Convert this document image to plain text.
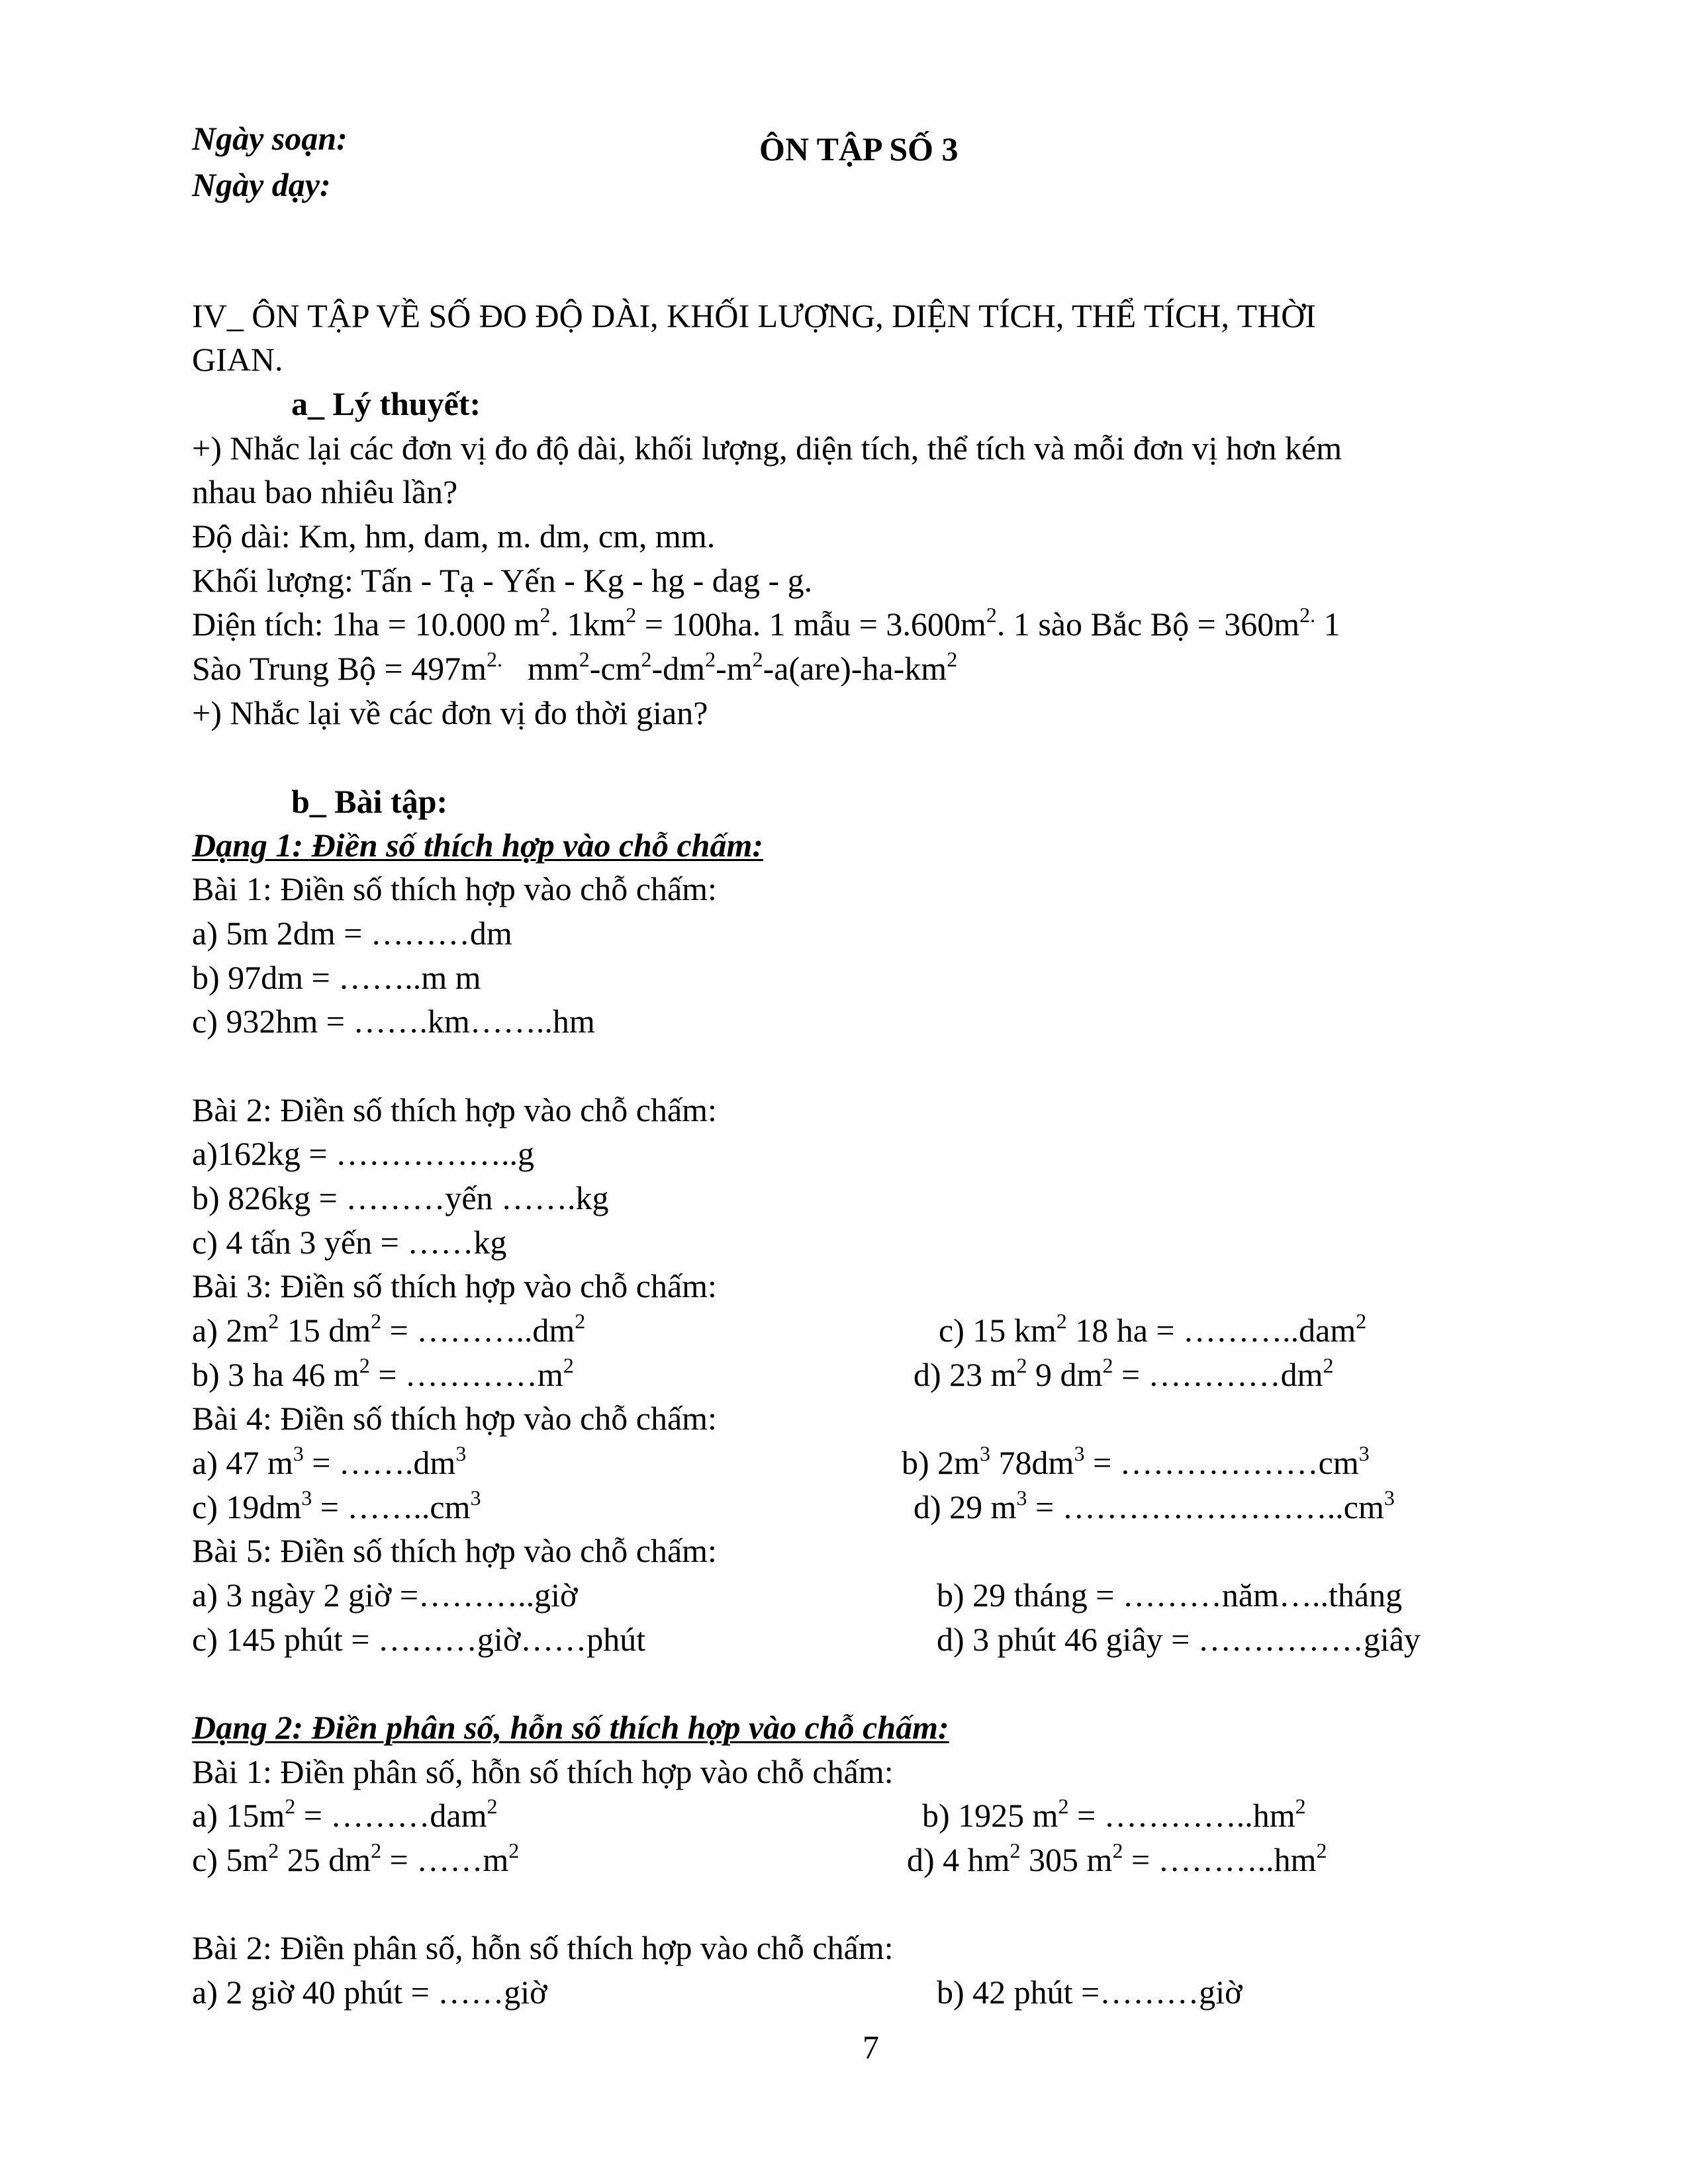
Ngày soạn:
Ngày dạy:
ÔN TẬP SỐ 3
IV_ ÔN TẬP VỀ SỐ ĐO ĐỘ DÀI, KHỐI LƯỢNG, DIỆN TÍCH, THỂ TÍCH, THỜI
GIAN.
a_ Lý thuyết:
+) Nhắc lại các đơn vị đo độ dài, khối lượng, diện tích, thể tích và mỗi đơn vị hơn kém
nhau bao nhiêu lần?
Độ dài: Km, hm, dam, m. dm, cm, mm.
Khối lượng: Tấn - Tạ - Yến - Kg - hg - dag - g.
Diện tích: 1ha = 10.000 $m^2$. $1km^2 = 100ha$. 1 mẫu = $3.600m^2$. 1 sào Bắc Bộ = $360m^{2.}$ 1
Sào Trung Bộ = $497m^{2.}$ $mm^2-cm^2-dm^2-m^2-a(are)-ha-km^2$
+) Nhắc lại về các đơn vị đo thời gian?
b_ Bài tập:
Dạng 1: Điền số thích hợp vào chỗ chấm:
Bài 1: Điền số thích hợp vào chỗ chấm:
a) 5m 2dm = ………dm
b) 97dm = ……..m m
c) 932hm = …….km……..hm
Bài 2: Điền số thích hợp vào chỗ chấm:
a)162kg = ……………..g
b) 826kg = ………yến …….kg
c) 4 tấn 3 yến = ……kg
Bài 3: Điền số thích hợp vào chỗ chấm:
a) $2m^2$ 15 $dm^2$ = $\dots\dots\dots..dm^2$	c) 15 $km^2$ 18 ha = ………..dam$^2$
b) 3 ha 46 $m^2$ = $\dots\dots\dots\dots m^2$	d) 23 $m^2$ 9 $dm^2$ = $\dots\dots\dots\dots dm^2$
Bài 4: Điền số thích hợp vào chỗ chấm:
a) 47 $m^3$ = $\dots\dots.dm^3$	b) $2m^3$ $78dm^3$ = $\dots\dots\dots\dots\dots\dots cm^3$
c) $19dm^3$ = $\dots\dots..cm^3$	d) 29 $m^3$ = $\dots\dots\dots\dots\dots\dots\dots\dots..cm^3$
Bài 5: Điền số thích hợp vào chỗ chấm:
a) 3 ngày 2 giờ =………..giờ	b) 29 tháng = ………năm…..tháng
c) 145 phút = ………giờ……phút	d) 3 phút 46 giây = ……………giây
Dạng 2: Điền phân số, hỗn số thích hợp vào chỗ chấm:
Bài 1: Điền phân số, hỗn số thích hợp vào chỗ chấm:
a) $15m^2$ = ………dam$^2$	b) 1925 $m^2$ = $\dots\dots\dots\dots..hm^2$
c) $5m^2$ 25 $dm^2$ = $\dots\dots m^2$	d) 4 $hm^2$ 305 $m^2$ = $\dots\dots\dots..hm^2$
Bài 2: Điền phân số, hỗn số thích hợp vào chỗ chấm:
a) 2 giờ 40 phút = ……giờ	b) 42 phút =………giờ
7
